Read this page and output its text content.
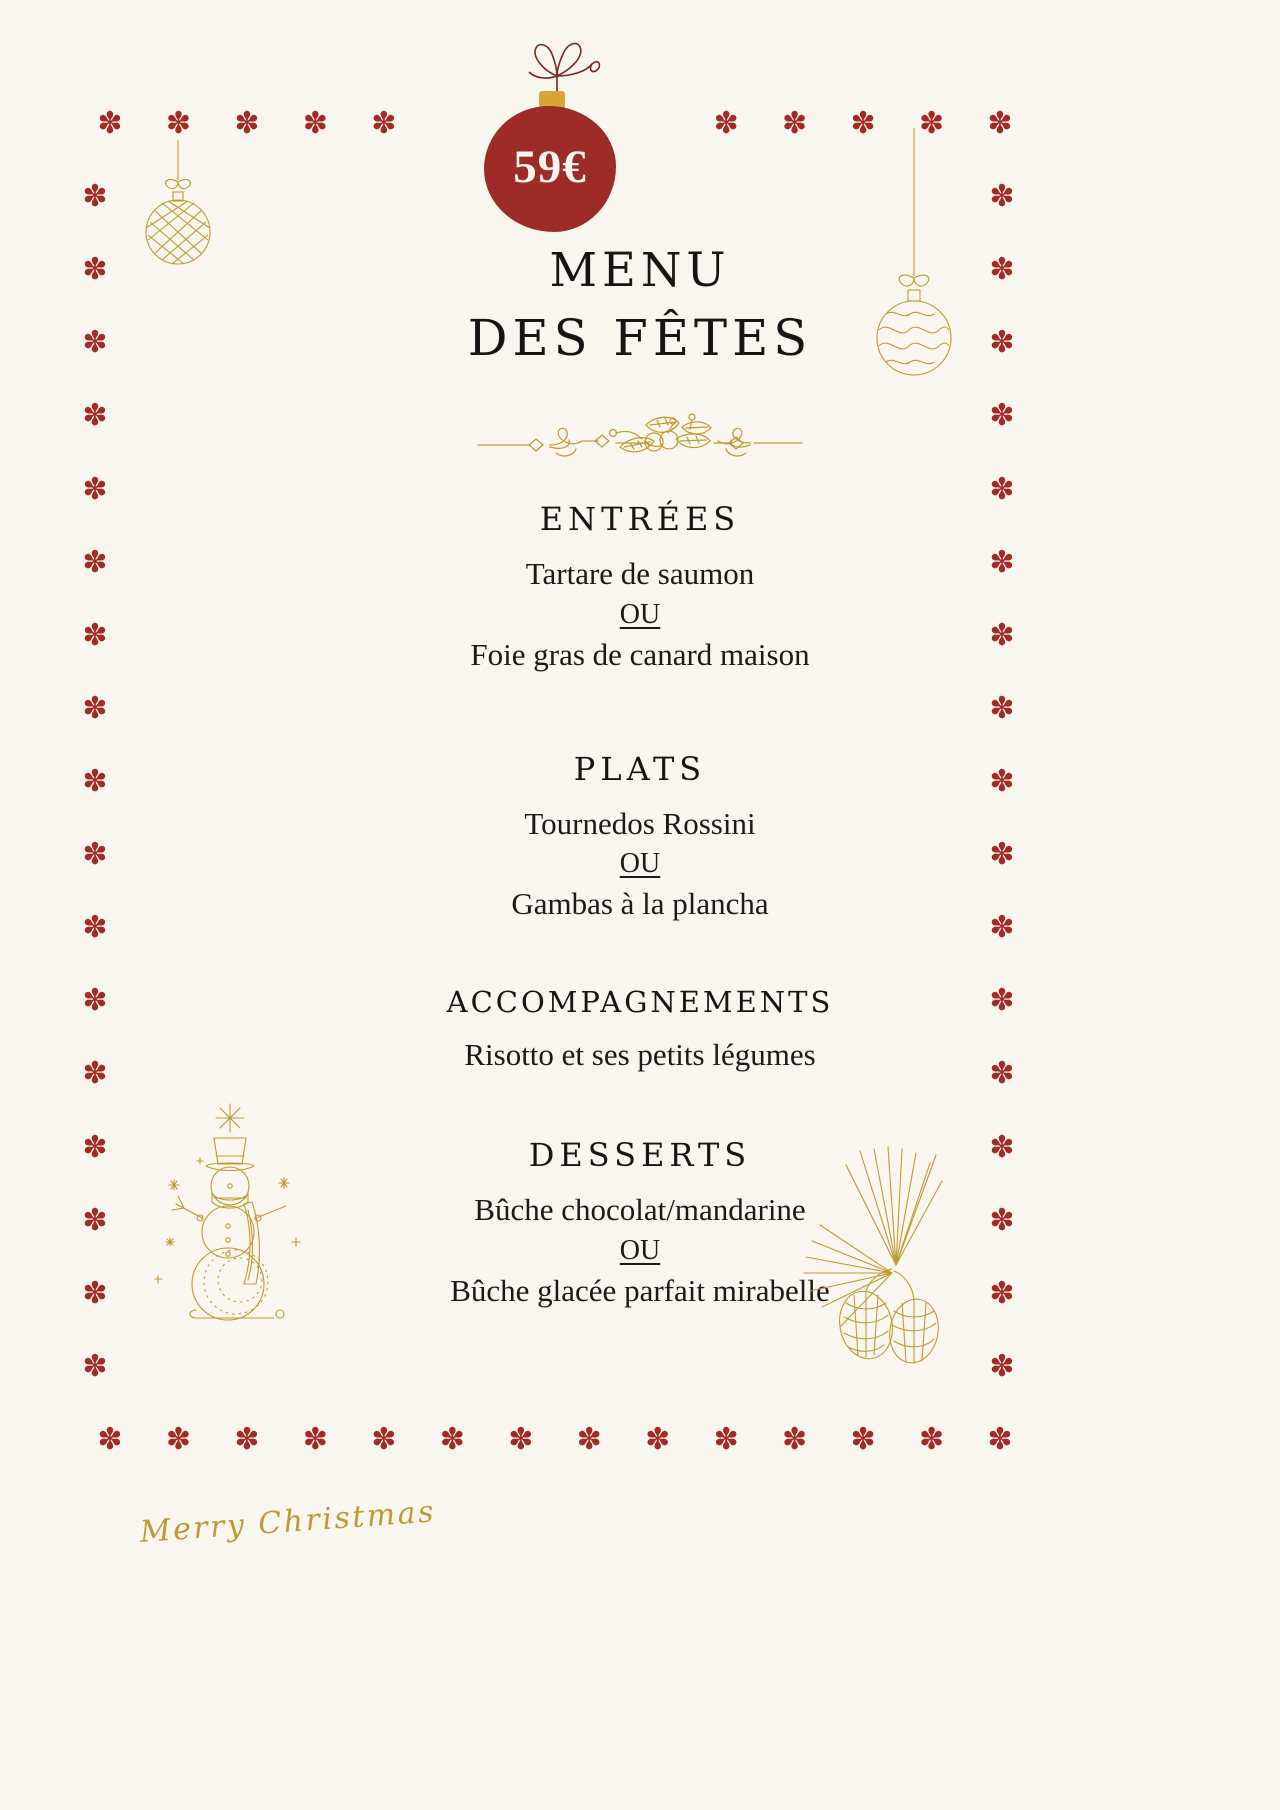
✽ ✽ ✽ ✽ ✽	✽ ✽ ✽ ✽ ✽
✽ ✽ ✽ ✽ ✽ ✽ ✽ ✽ ✽ ✽ ✽ ✽ ✽ ✽
✽	✽
✽	✽
✽	✽
✽	✽
✽	✽
✽	✽
✽	✽
✽	✽
✽	✽
✽	✽
✽	✽
✽	✽
✽	✽
✽	✽
✽	✽
✽	✽
✽	✽
59€
MENU
DES FÊTES
ENTRÉES
Tartare de saumon
OU
Foie gras de canard maison
PLATS
Tournedos Rossini
OU
Gambas à la plancha
ACCOMPAGNEMENTS
Risotto et ses petits légumes
DESSERTS
Bûche chocolat/mandarine
OU
Bûche glacée parfait mirabelle
Merry Christmas
